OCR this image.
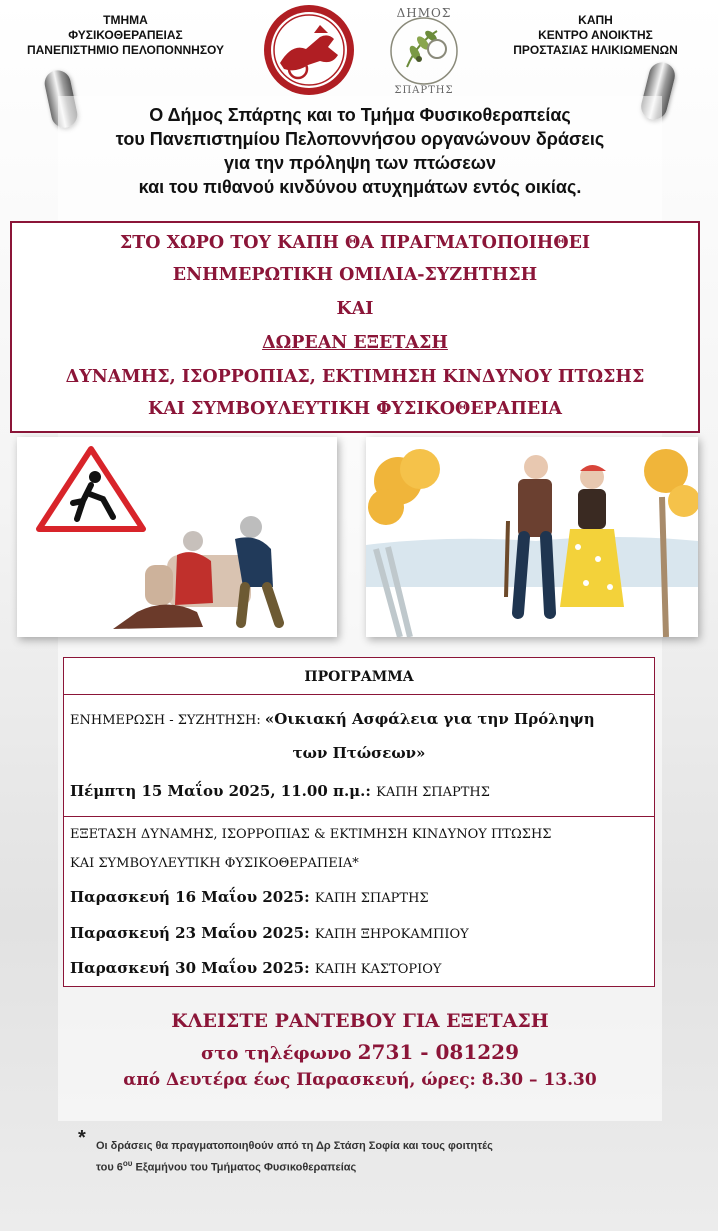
ΤΜΗΜΑ
ΦΥΣΙΚΟΘΕΡΑΠΕΙΑΣ
ΠΑΝΕΠΙΣΤΗΜΙΟ ΠΕΛΟΠΟΝΝΗΣΟΥ
ΚΑΠΗ
ΚΕΝΤΡΟ ΑΝΟΙΚΤΗΣ
ΠΡΟΣΤΑΣΙΑΣ ΗΛΙΚΙΩΜΕΝΩΝ
ΔΗΜΟΣ
ΣΠΑΡΤΗΣ
Ο Δήμος Σπάρτης και το Τμήμα Φυσικοθεραπείας
του Πανεπιστημίου Πελοποννήσου οργανώνουν δράσεις
για την πρόληψη των πτώσεων
και του πιθανού κινδύνου ατυχημάτων εντός οικίας.
ΣΤΟ ΧΩΡΟ ΤΟΥ ΚΑΠΗ ΘΑ ΠΡΑΓΜΑΤΟΠΟΙΗΘΕΙ
ΕΝΗΜΕΡΩΤΙΚΗ ΟΜΙΛΙΑ-ΣΥΖΗΤΗΣΗ
ΚΑΙ
ΔΩΡΕΑΝ ΕΞΕΤΑΣΗ
ΔΥΝΑΜΗΣ, ΙΣΟΡΡΟΠΙΑΣ, ΕΚΤΙΜΗΣΗ ΚΙΝΔΥΝΟΥ ΠΤΩΣΗΣ
ΚΑΙ ΣΥΜΒΟΥΛΕΥΤΙΚΗ ΦΥΣΙΚΟΘΕΡΑΠΕΙΑ
ΠΡΟΓΡΑΜΜΑ
ΕΝΗΜΕΡΩΣΗ - ΣΥΖΗΤΗΣΗ: «Οικιακή Ασφάλεια για την Πρόληψη
των Πτώσεων»
Πέμπτη 15 Μαΐου 2025, 11.00 π.μ.: ΚΑΠΗ ΣΠΑΡΤΗΣ
ΕΞΕΤΑΣΗ ΔΥΝΑΜΗΣ, ΙΣΟΡΡΟΠΙΑΣ & ΕΚΤΙΜΗΣΗ ΚΙΝΔΥΝΟΥ ΠΤΩΣΗΣ
ΚΑΙ ΣΥΜΒΟΥΛΕΥΤΙΚΗ ΦΥΣΙΚΟΘΕΡΑΠΕΙΑ*
Παρασκευή 16 Μαΐου 2025: ΚΑΠΗ ΣΠΑΡΤΗΣ
Παρασκευή 23 Μαΐου 2025: ΚΑΠΗ ΞΗΡΟΚΑΜΠΙΟΥ
Παρασκευή 30 Μαΐου 2025: ΚΑΠΗ ΚΑΣΤΟΡΙΟΥ
ΚΛΕΙΣΤΕ ΡΑΝΤΕΒΟΥ ΓΙΑ ΕΞΕΤΑΣΗ
στο τηλέφωνο 2731 - 081229
από Δευτέρα έως Παρασκευή, ώρες: 8.30 – 13.30
* Οι δράσεις θα πραγματοποιηθούν από τη Δρ Στάση Σοφία και τους φοιτητές
του $6^{o\upsilon}$ Εξαμήνου του Τμήματος Φυσικοθεραπείας
